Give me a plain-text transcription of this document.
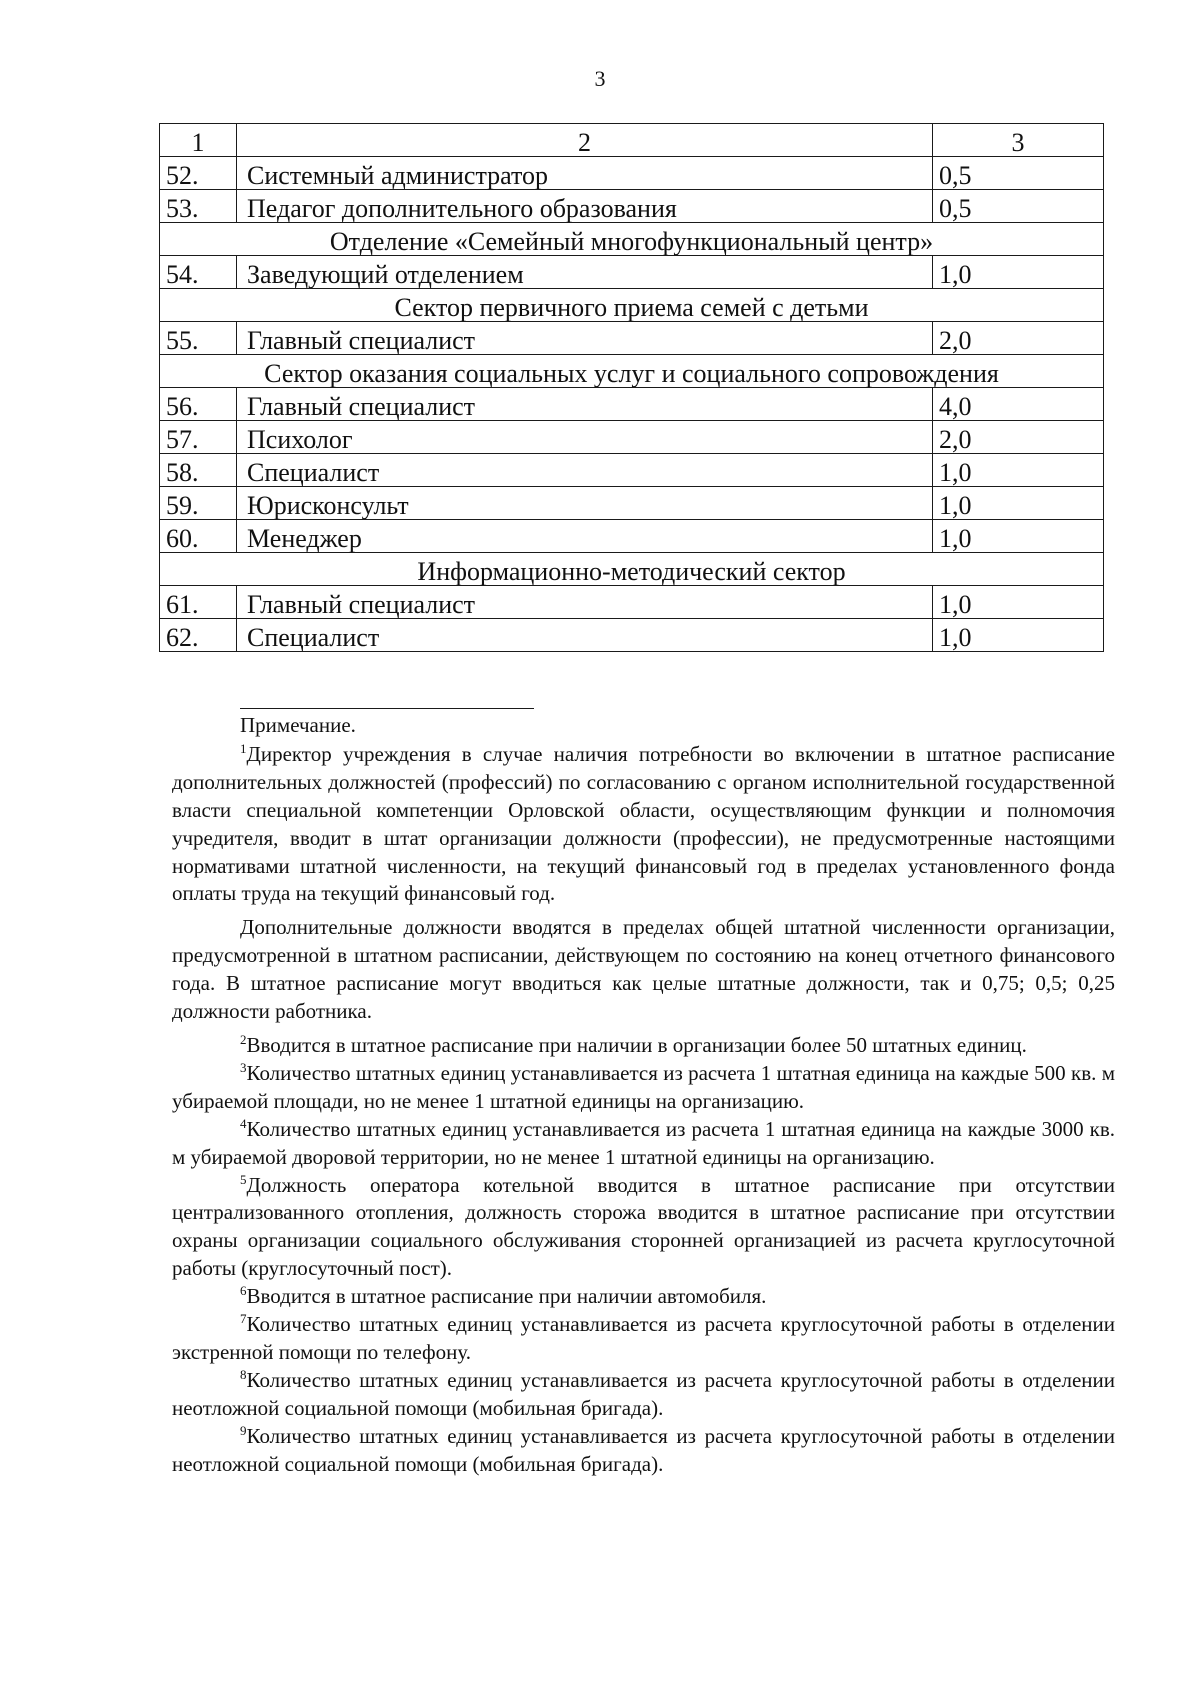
3
1	2	3
52.	Системный администратор	0,5
53.	Педагог дополнительного образования	0,5
Отделение «Семейный многофункциональный центр»		
54.	Заведующий отделением	1,0
Сектор первичного приема семей с детьми		
55.	Главный специалист	2,0
Сектор оказания социальных услуг и социального сопровождения		
56.	Главный специалист	4,0
57.	Психолог	2,0
58.	Специалист	1,0
59.	Юрисконсульт	1,0
60.	Менеджер	1,0
Информационно-методический сектор		
61.	Главный специалист	1,0
62.	Специалист	1,0

Примечание.

$^1$Директор учреждения в случае наличия потребности во включении в штатное расписание дополнительных должностей (профессий) по согласованию с органом исполнительной государственной власти специальной компетенции Орловской области, осуществляющим функции и полномочия учредителя, вводит в штат организации должности (профессии), не предусмотренные настоящими нормативами штатной численности, на текущий финансовый год в пределах установленного фонда оплаты труда на текущий финансовый год.

Дополнительные должности вводятся в пределах общей штатной численности организации, предусмотренной в штатном расписании, действующем по состоянию на конец отчетного финансового года. В штатное расписание могут вводиться как целые штатные должности, так и 0,75; 0,5; 0,25 должности работника.

$^2$Вводится в штатное расписание при наличии в организации более 50 штатных единиц.

$^3$Количество штатных единиц устанавливается из расчета 1 штатная единица на каждые 500 кв. м убираемой площади, но не менее 1 штатной единицы на организацию.

$^4$Количество штатных единиц устанавливается из расчета 1 штатная единица на каждые 3000 кв. м убираемой дворовой территории, но не менее 1 штатной единицы на организацию.

$^5$Должность оператора котельной вводится в штатное расписание при отсутствии централизованного отопления, должность сторожа вводится в штатное расписание при отсутствии охраны организации социального обслуживания сторонней организацией из расчета круглосуточной работы (круглосуточный пост).

$^6$Вводится в штатное расписание при наличии автомобиля.

$^7$Количество штатных единиц устанавливается из расчета круглосуточной работы в отделении экстренной помощи по телефону.

$^8$Количество штатных единиц устанавливается из расчета круглосуточной работы в отделении неотложной социальной помощи (мобильная бригада).

$^9$Количество штатных единиц устанавливается из расчета круглосуточной работы в отделении неотложной социальной помощи (мобильная бригада).
